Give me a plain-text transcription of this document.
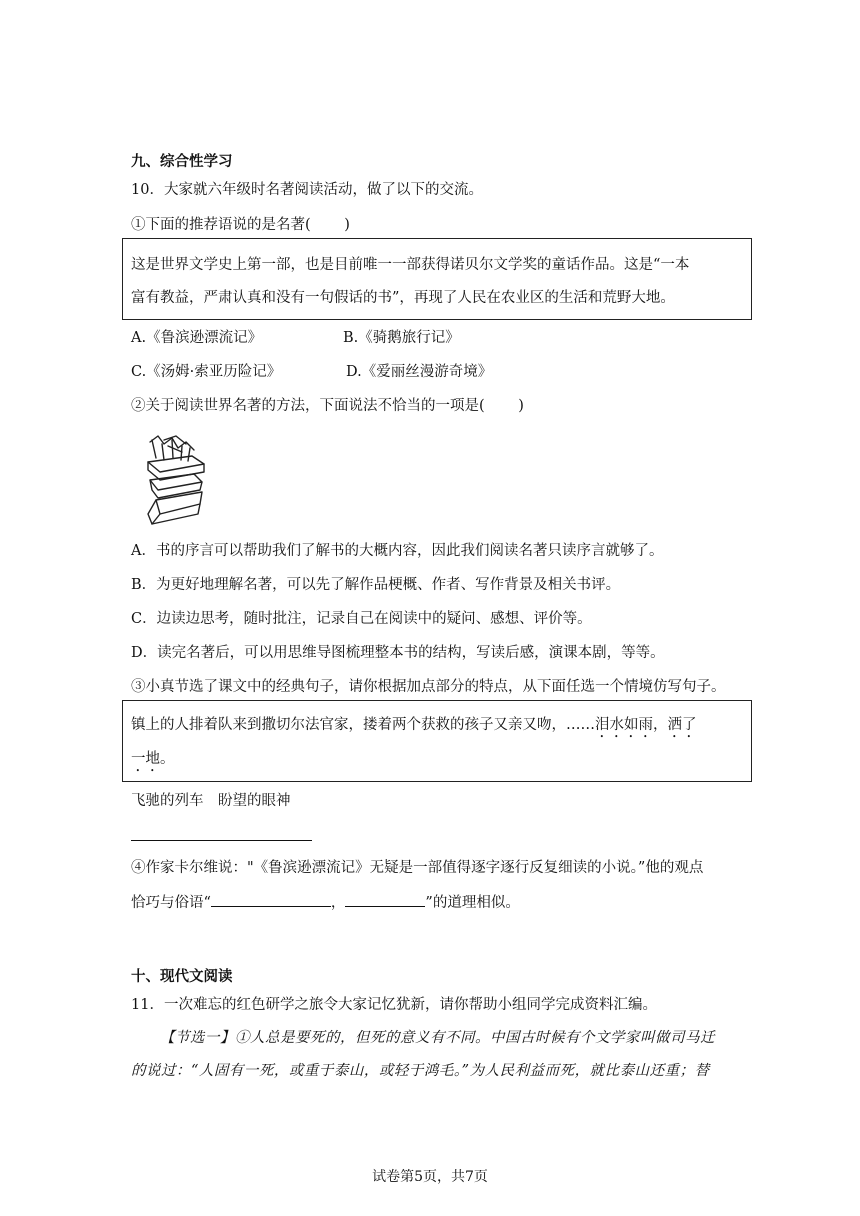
九、综合性学习
10．大家就六年级时名著阅读活动，做了以下的交流。
①下面的推荐语说的是名著(　　 )
这是世界文学史上第一部，也是目前唯一一部获得诺贝尔文学奖的童话作品。这是“一本
富有教益，严肃认真和没有一句假话的书”，再现了人民在农业区的生活和荒野大地。
A.《鲁滨逊漂流记》	B.《骑鹅旅行记》
C.《汤姆·索亚历险记》	D.《爱丽丝漫游奇境》
②关于阅读世界名著的方法，下面说法不恰当的一项是(　　 )
A．书的序言可以帮助我们了解书的大概内容，因此我们阅读名著只读序言就够了。
B．为更好地理解名著，可以先了解作品梗概、作者、写作背景及相关书评。
C．边读边思考，随时批注，记录自己在阅读中的疑问、感想、评价等。
D．读完名著后，可以用思维导图梳理整本书的结构，写读后感，演课本剧，等等。
③小真节选了课文中的经典句子，请你根据加点部分的特点，从下面任选一个情境仿写句子。
镇上的人排着队来到撒切尔法官家，搂着两个获救的孩子又亲又吻，……泪水如雨，洒了
一地。
飞驰的列车　盼望的眼神
④作家卡尔维说："《鲁滨逊漂流记》无疑是一部值得逐字逐行反复细读的小说。”他的观点
恰巧与俗语“	，	”的道理相似。
十、现代文阅读
11．一次难忘的红色研学之旅令大家记忆犹新，请你帮助小组同学完成资料汇编。
【节选一】①人总是要死的，但死的意义有不同。中国古时候有个文学家叫做司马迁
的说过：“人固有一死，或重于泰山，或轻于鸿毛。”为人民利益而死，就比泰山还重；替
试卷第5页，共7页
